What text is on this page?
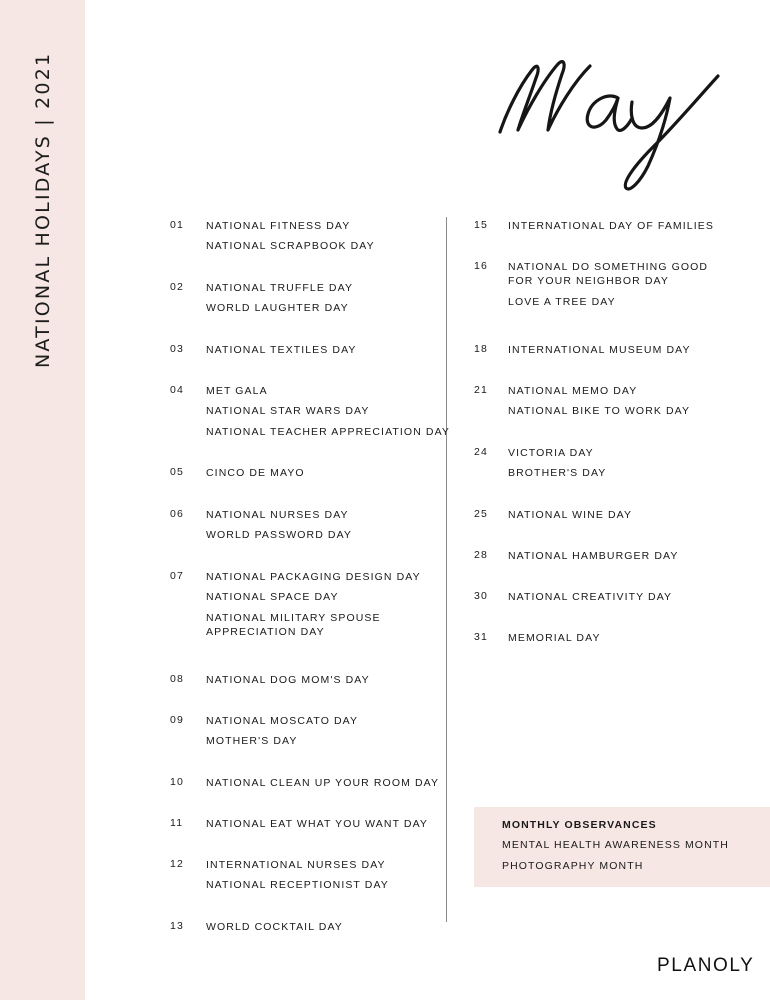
NATIONAL HOLIDAYS | 2021	01 NATIONAL FITNESS DAY
NATIONAL SCRAPBOOK DAY
02 NATIONAL TRUFFLE DAY
WORLD LAUGHTER DAY
03 NATIONAL TEXTILES DAY
04 MET GALA
NATIONAL STAR WARS DAY
NATIONAL TEACHER APPRECIATION DAY
05 CINCO DE MAYO
06 NATIONAL NURSES DAY
WORLD PASSWORD DAY
07 NATIONAL PACKAGING DESIGN DAY
NATIONAL SPACE DAY
NATIONAL MILITARY SPOUSE
APPRECIATION DAY
08 NATIONAL DOG MOM'S DAY
09 NATIONAL MOSCATO DAY
MOTHER'S DAY
10 NATIONAL CLEAN UP YOUR ROOM DAY
11 NATIONAL EAT WHAT YOU WANT DAY
12 INTERNATIONAL NURSES DAY
NATIONAL RECEPTIONIST DAY
13 WORLD COCKTAIL DAY
15 INTERNATIONAL DAY OF FAMILIES
16 NATIONAL DO SOMETHING GOOD
FOR YOUR NEIGHBOR DAY
LOVE A TREE DAY
18 INTERNATIONAL MUSEUM DAY
21 NATIONAL MEMO DAY
NATIONAL BIKE TO WORK DAY
24 VICTORIA DAY
BROTHER'S DAY
25 NATIONAL WINE DAY
28 NATIONAL HAMBURGER DAY
30 NATIONAL CREATIVITY DAY
31 MEMORIAL DAY
MONTHLY OBSERVANCES
MENTAL HEALTH AWARENESS MONTH
PHOTOGRAPHY MONTH
PLANOLY
